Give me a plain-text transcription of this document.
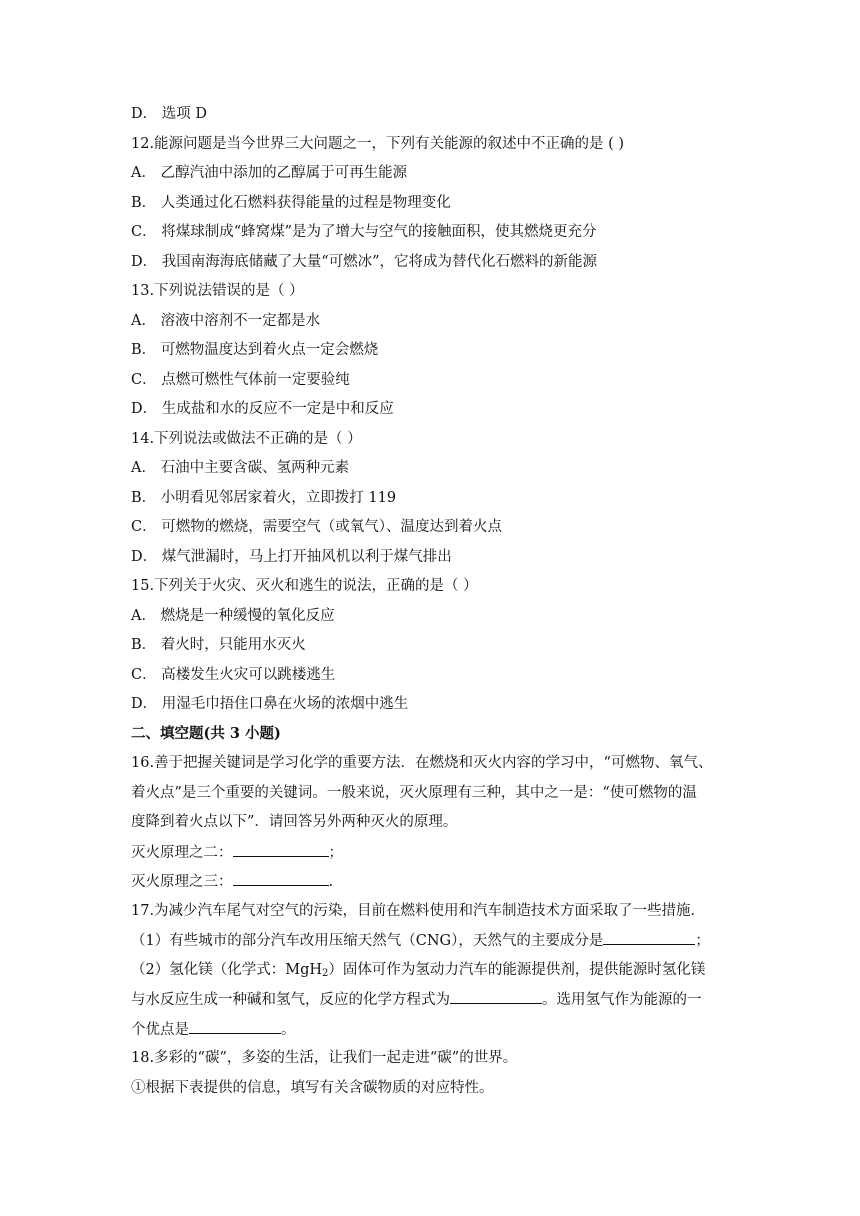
D． 选项 D
12.能源问题是当今世界三大问题之一，下列有关能源的叙述中不正确的是 ( )
A． 乙醇汽油中添加的乙醇属于可再生能源
B． 人类通过化石燃料获得能量的过程是物理变化
C． 将煤球制成“蜂窝煤”是为了增大与空气的接触面积，使其燃烧更充分
D． 我国南海海底储藏了大量“可燃冰”，它将成为替代化石燃料的新能源
13.下列说法错误的是（ ）
A． 溶液中溶剂不一定都是水
B． 可燃物温度达到着火点一定会燃烧
C． 点燃可燃性气体前一定要验纯
D． 生成盐和水的反应不一定是中和反应
14.下列说法或做法不正确的是（ ）
A． 石油中主要含碳、氢两种元素
B． 小明看见邻居家着火，立即拨打 119
C． 可燃物的燃烧，需要空气（或氧气）、温度达到着火点
D． 煤气泄漏时，马上打开抽风机以利于煤气排出
15.下列关于火灾、灭火和逃生的说法，正确的是（ ）
A． 燃烧是一种缓慢的氧化反应
B． 着火时，只能用水灭火
C． 高楼发生火灾可以跳楼逃生
D． 用湿毛巾捂住口鼻在火场的浓烟中逃生
二、填空题(共 3 小题)
16.善于把握关键词是学习化学的重要方法．在燃烧和灭火内容的学习中，“可燃物、氧气、
着火点”是三个重要的关键词。一般来说，灭火原理有三种，其中之一是：“使可燃物的温
度降到着火点以下”．请回答另外两种灭火的原理。
灭火原理之二：	；
灭火原理之三：	.
17.为减少汽车尾气对空气的污染，目前在燃料使用和汽车制造技术方面采取了一些措施．
（1）有些城市的部分汽车改用压缩天然气（CNG），天然气的主要成分是	；
（2）氢化镁（化学式：MgH$_2$）固体可作为氢动力汽车的能源提供剂，提供能源时氢化镁
与水反应生成一种碱和氢气，反应的化学方程式为	。选用氢气作为能源的一
个优点是	。
18.多彩的“碳”，多姿的生活，让我们一起走进“碳”的世界。
①根据下表提供的信息，填写有关含碳物质的对应特性。
